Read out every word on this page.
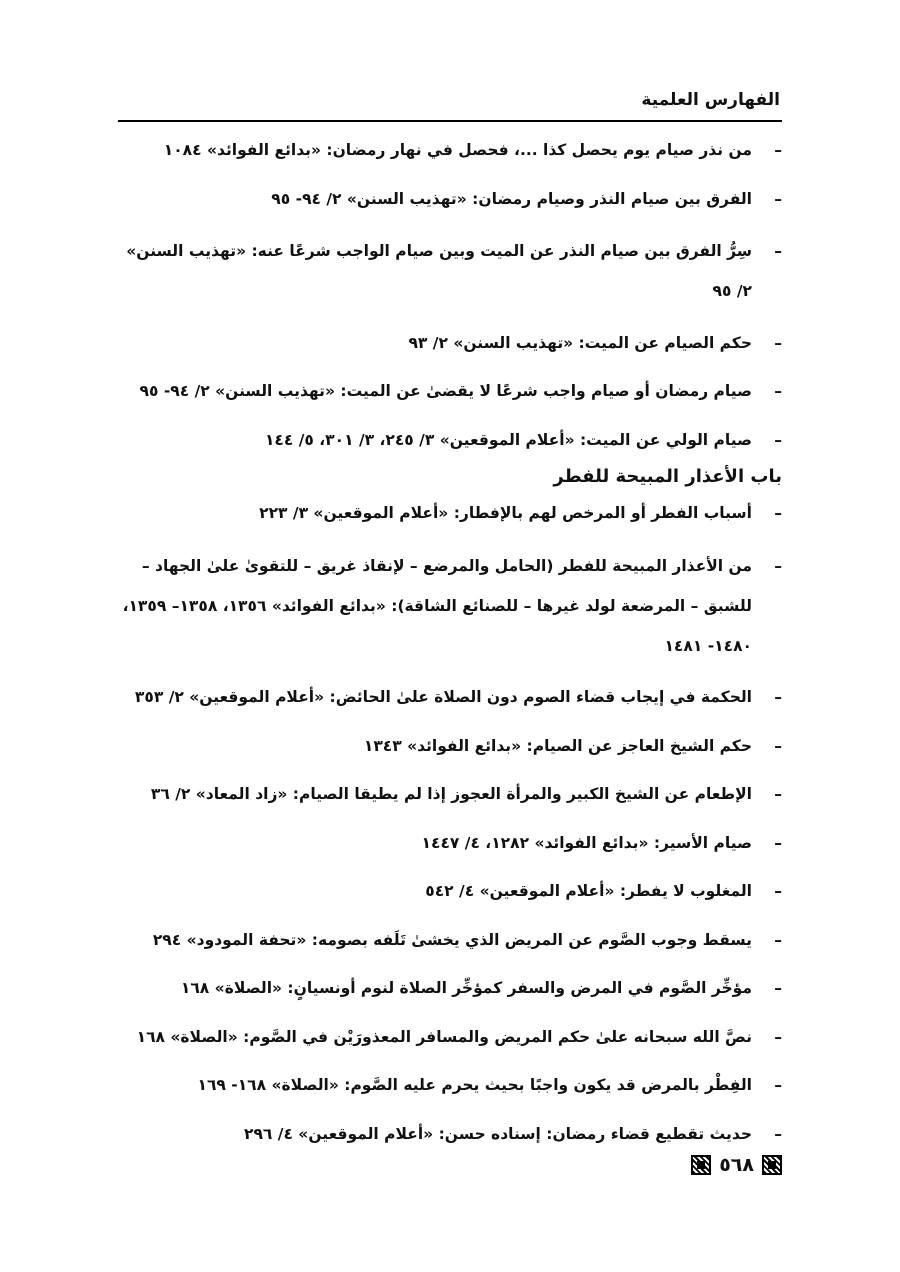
الفهارس العلمية
–
من نذر صيام يوم يحصل كذا ...، فحصل في نهار رمضان: «بدائع الفوائد» ١٠٨٤
–
الفرق بين صيام النذر وصيام رمضان: «تهذيب السنن» ٢/ ٩٤- ٩٥
–
سِرُّ الفرق بين صيام النذر عن الميت وبين صيام الواجب شرعًا عنه: «تهذيب السنن» ٢/ ٩٥
–
حكم الصيام عن الميت: «تهذيب السنن» ٢/ ٩٣
–
صيام رمضان أو صيام واجب شرعًا لا يقضىٰ عن الميت: «تهذيب السنن» ٢/ ٩٤- ٩٥
–
صيام الولي عن الميت: «أعلام الموقعين» ٣/ ٢٤٥، ٣/ ٣٠١، ٥/ ١٤٤
باب الأعذار المبيحة للفطر
–
أسباب الفطر أو المرخص لهم بالإفطار: «أعلام الموقعين» ٣/ ٢٢٣
–
من الأعذار المبيحة للفطر (الحامل والمرضع – لإنقاذ غريق – للتقوىٰ علىٰ الجهاد – للشبق – المرضعة لولد غيرها – للصنائع الشاقة): «بدائع الفوائد» ١٣٥٦، ١٣٥٨– ١٣٥٩، ١٤٨٠- ١٤٨١
–
الحكمة في إيجاب قضاء الصوم دون الصلاة علىٰ الحائض: «أعلام الموقعين» ٢/ ٣٥٣
–
حكم الشيخ العاجز عن الصيام: «بدائع الفوائد» ١٣٤٣
–
الإطعام عن الشيخ الكبير والمرأة العجوز إذا لم يطيقا الصيام: «زاد المعاد» ٢/ ٣٦
–
صيام الأسير: «بدائع الفوائد» ١٢٨٢، ٤/ ١٤٤٧
–
المغلوب لا يفطر: «أعلام الموقعين» ٤/ ٥٤٢
–
يسقط وجوب الصَّوم عن المريض الذي يخشىٰ تَلَفه بصومه: «تحفة المودود» ٢٩٤
–
مؤخِّر الصَّوم في المرض والسفر كمؤخِّر الصلاة لنوم أونسيانٍ: «الصلاة» ١٦٨
–
نصَّ الله سبحانه علىٰ حكم المريض والمسافر المعذورَيْن في الصَّوم: «الصلاة» ١٦٨
–
الفِطْر بالمرض قد يكون واجبًا بحيث يحرم عليه الصَّوم: «الصلاة» ١٦٨- ١٦٩
–
حديث تقطيع قضاء رمضان: إسناده حسن: «أعلام الموقعين» ٤/ ٢٩٦
٥٦٨
